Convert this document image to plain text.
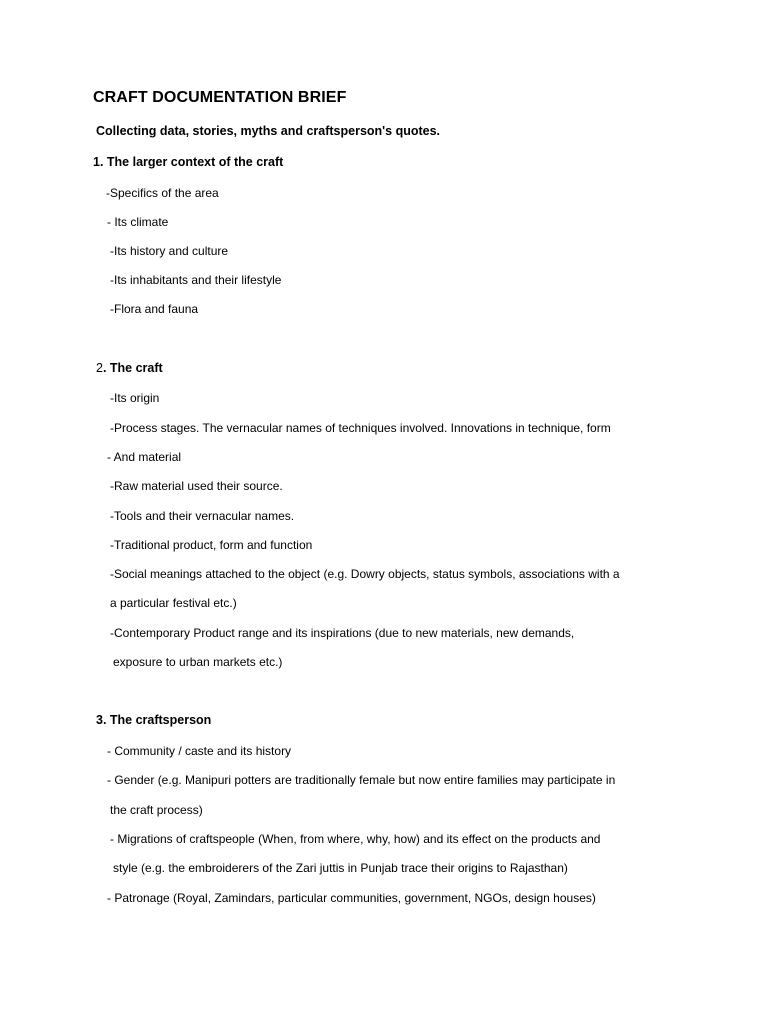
CRAFT DOCUMENTATION BRIEF
Collecting data, stories, myths and craftsperson's quotes.
1. The larger context of the craft
-Specifics of the area
- Its climate
-Its history and culture
-Its inhabitants and their lifestyle
-Flora and fauna
2. The craft
-Its origin
-Process stages. The vernacular names of techniques involved. Innovations in technique, form
- And material
-Raw material used their source.
-Tools and their vernacular names.
-Traditional product, form and function
-Social meanings attached to the object (e.g. Dowry objects, status symbols, associations with a
a particular festival etc.)
-Contemporary Product range and its inspirations (due to new materials, new demands,
exposure to urban markets etc.)
3. The craftsperson
- Community / caste and its history
- Gender (e.g. Manipuri potters are traditionally female but now entire families may participate in
the craft process)
- Migrations of craftspeople (When, from where, why, how) and its effect on the products and
style (e.g. the embroiderers of the Zari juttis in Punjab trace their origins to Rajasthan)
- Patronage (Royal, Zamindars, particular communities, government, NGOs, design houses)
